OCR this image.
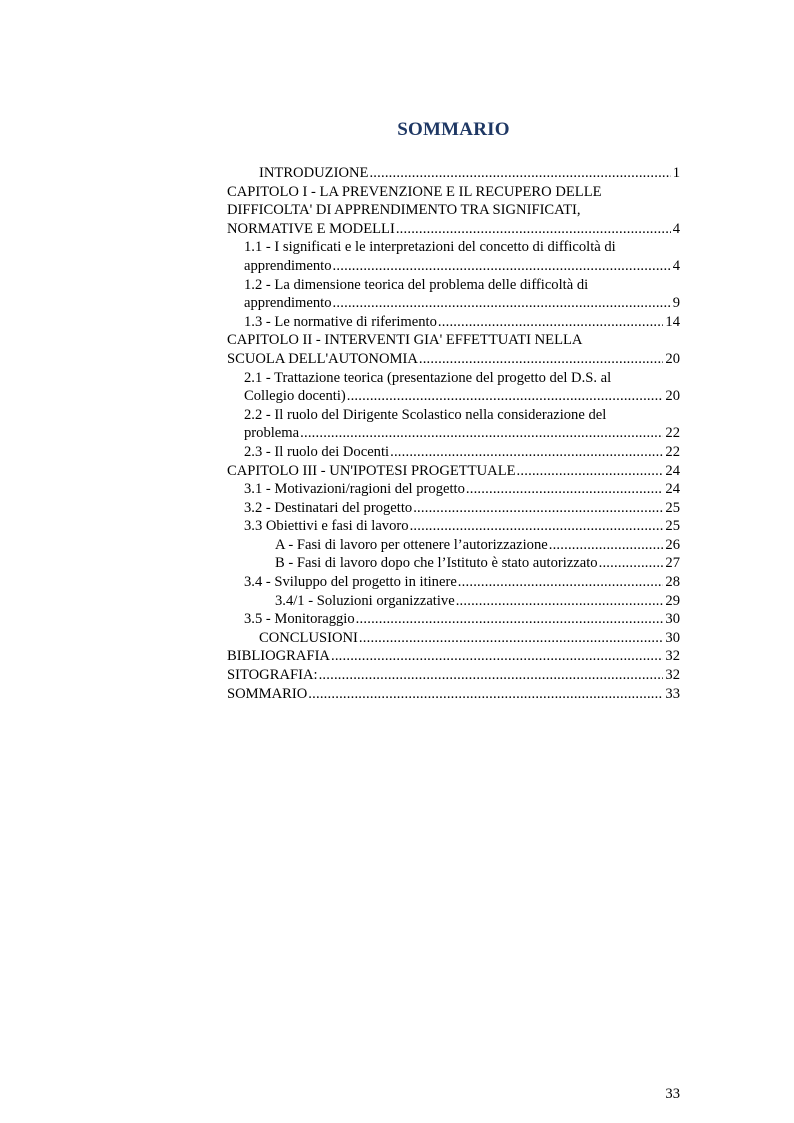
SOMMARIO
INTRODUZIONE .....	1
CAPITOLO I - LA PREVENZIONE E IL RECUPERO DELLE
DIFFICOLTA' DI APPRENDIMENTO TRA SIGNIFICATI,
NORMATIVE E MODELLI .....	4
1.1 - I significati e le interpretazioni del concetto di difficoltà di
apprendimento .....	4
1.2 - La dimensione teorica del problema delle difficoltà di
apprendimento .....	9
1.3 - Le normative di riferimento .....	14
CAPITOLO II - INTERVENTI GIA' EFFETTUATI NELLA
SCUOLA DELL'AUTONOMIA .....	20
2.1 - Trattazione teorica (presentazione del progetto del D.S. al
Collegio docenti) .....	20
2.2 - Il ruolo del Dirigente Scolastico nella considerazione del
problema .....	22
2.3 - Il ruolo dei Docenti .....	22
CAPITOLO III - UN'IPOTESI PROGETTUALE .....	24
3.1 - Motivazioni/ragioni del progetto .....	24
3.2 - Destinatari del progetto .....	25
3.3 Obiettivi e fasi di lavoro .....	25
A - Fasi di lavoro per ottenere l’autorizzazione .....	26
B - Fasi di lavoro dopo che l’Istituto è stato autorizzato .....	27
3.4 - Sviluppo del progetto in itinere .....	28
3.4/1 - Soluzioni organizzative .....	29
3.5 - Monitoraggio .....	30
CONCLUSIONI .....	30
BIBLIOGRAFIA .....	32
SITOGRAFIA: .....	32
SOMMARIO .....	33
33
